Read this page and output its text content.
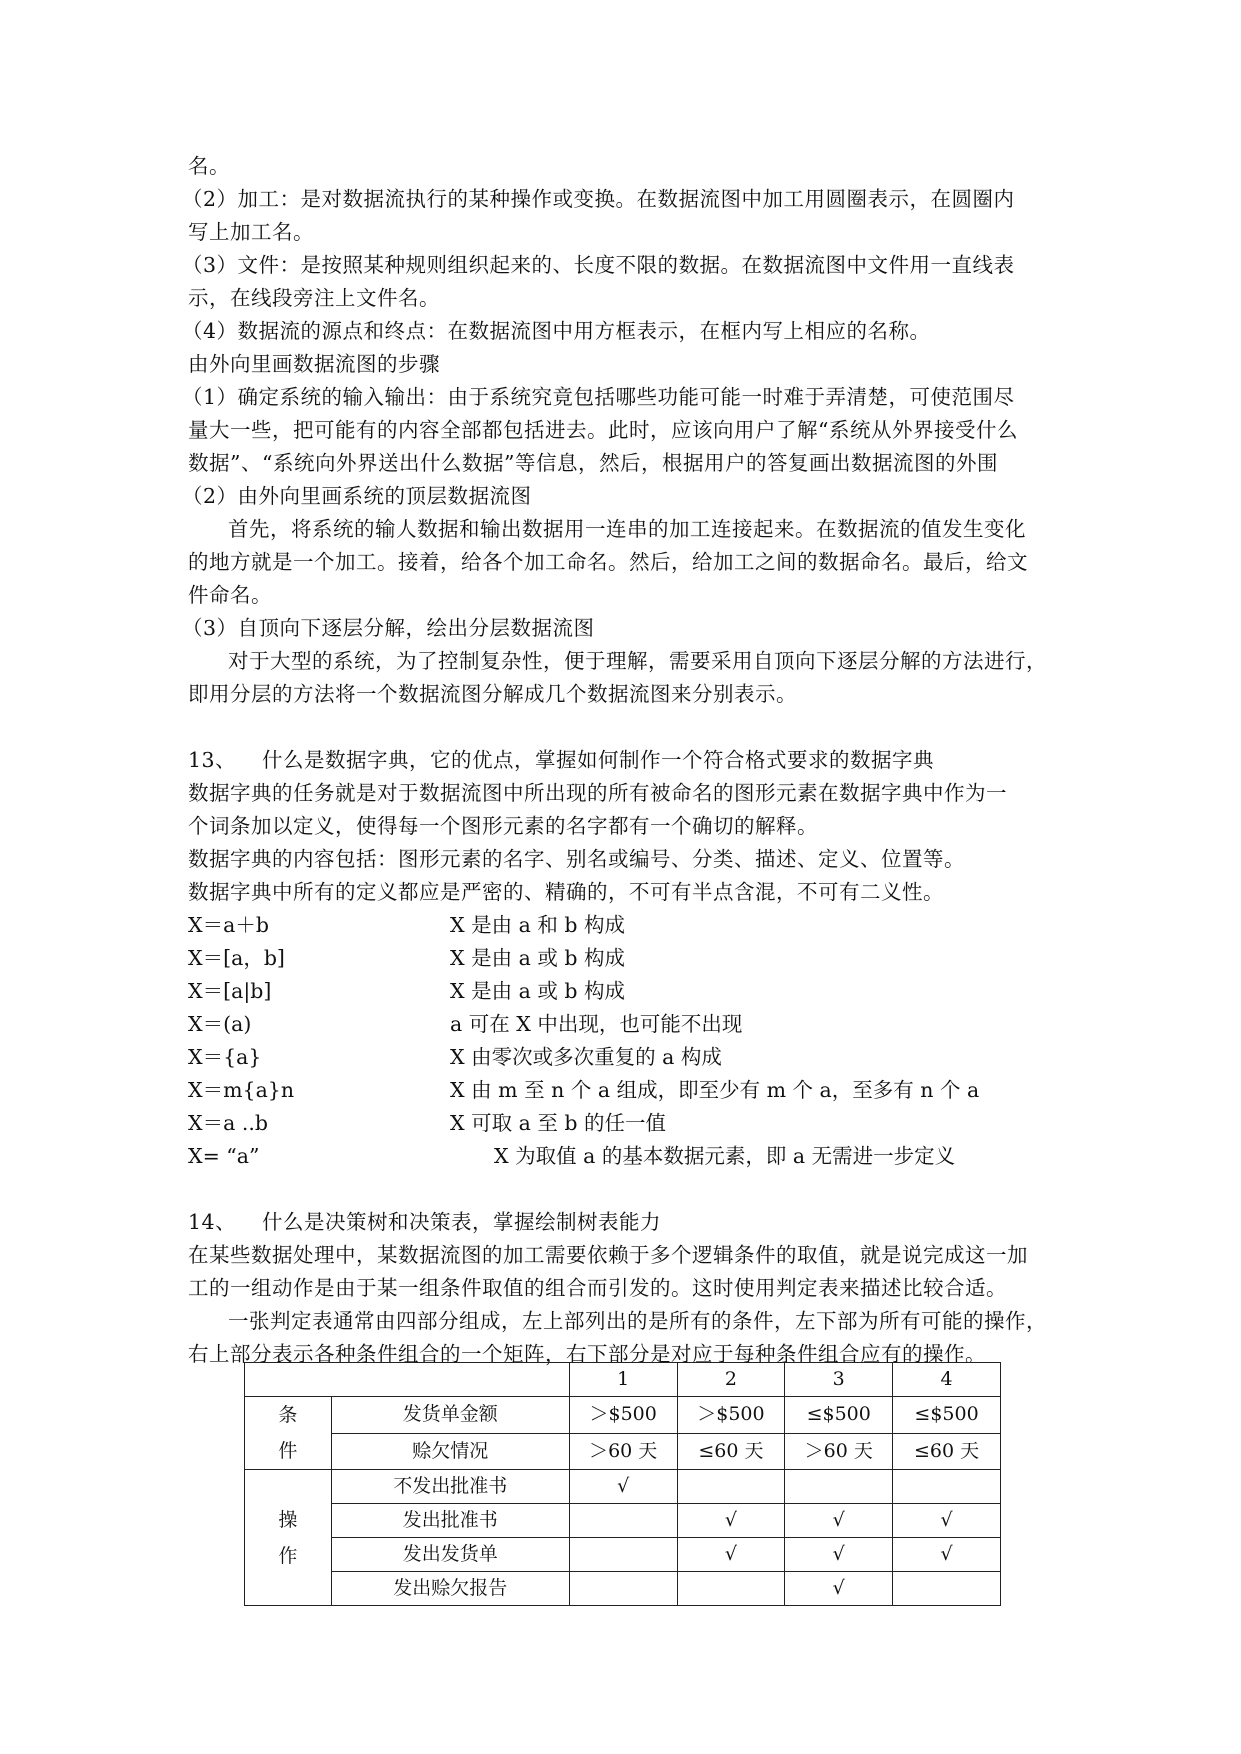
名。
（2）加工：是对数据流执行的某种操作或变换。在数据流图中加工用圆圈表示，在圆圈内
写上加工名。
（3）文件：是按照某种规则组织起来的、长度不限的数据。在数据流图中文件用一直线表
示，在线段旁注上文件名。
（4）数据流的源点和终点：在数据流图中用方框表示，在框内写上相应的名称。
由外向里画数据流图的步骤
（1）确定系统的输入输出：由于系统究竟包括哪些功能可能一时难于弄清楚，可使范围尽
量大一些，把可能有的内容全部都包括进去。此时，应该向用户了解“系统从外界接受什么
数据”、“系统向外界送出什么数据”等信息，然后，根据用户的答复画出数据流图的外围
（2）由外向里画系统的顶层数据流图
首先，将系统的输人数据和输出数据用一连串的加工连接起来。在数据流的值发生变化
的地方就是一个加工。接着，给各个加工命名。然后，给加工之间的数据命名。最后，给文
件命名。
（3）自顶向下逐层分解，绘出分层数据流图
对于大型的系统，为了控制复杂性，便于理解，需要采用自顶向下逐层分解的方法进行，
即用分层的方法将一个数据流图分解成几个数据流图来分别表示。
13、 什么是数据字典，它的优点，掌握如何制作一个符合格式要求的数据字典
数据字典的任务就是对于数据流图中所出现的所有被命名的图形元素在数据字典中作为一
个词条加以定义，使得每一个图形元素的名字都有一个确切的解释。
数据字典的内容包括：图形元素的名字、别名或编号、分类、描述、定义、位置等。
数据字典中所有的定义都应是严密的、精确的，不可有半点含混，不可有二义性。
X＝a＋b	X 是由 a 和 b 构成
X＝[a，b]	X 是由 a 或 b 构成
X＝[a|b]	X 是由 a 或 b 构成
X＝(a)	a 可在 X 中出现，也可能不出现
X＝{a}	X 由零次或多次重复的 a 构成
X＝m{a}n	X 由 m 至 n 个 a 组成，即至少有 m 个 a，至多有 n 个 a
X＝a ..b	X 可取 a 至 b 的任一值
X= “a”	X 为取值 a 的基本数据元素，即 a 无需进一步定义
14、 什么是决策树和决策表，掌握绘制树表能力
在某些数据处理中，某数据流图的加工需要依赖于多个逻辑条件的取值，就是说完成这一加
工的一组动作是由于某一组条件取值的组合而引发的。这时使用判定表来描述比较合适。
一张判定表通常由四部分组成，左上部列出的是所有的条件，左下部为所有可能的操作，
右上部分表示各种条件组合的一个矩阵，右下部分是对应于每种条件组合应有的操作。
		1	2	3	4
条
件	发货单金额	＞$500	＞$500	≤$500	≤$500
	赊欠情况	＞60 天	≤60 天	＞60 天	≤60 天
操
作	不发出批准书	√			
	发出批准书		√	√	√
	发出发货单		√	√	√
	发出赊欠报告			√	
